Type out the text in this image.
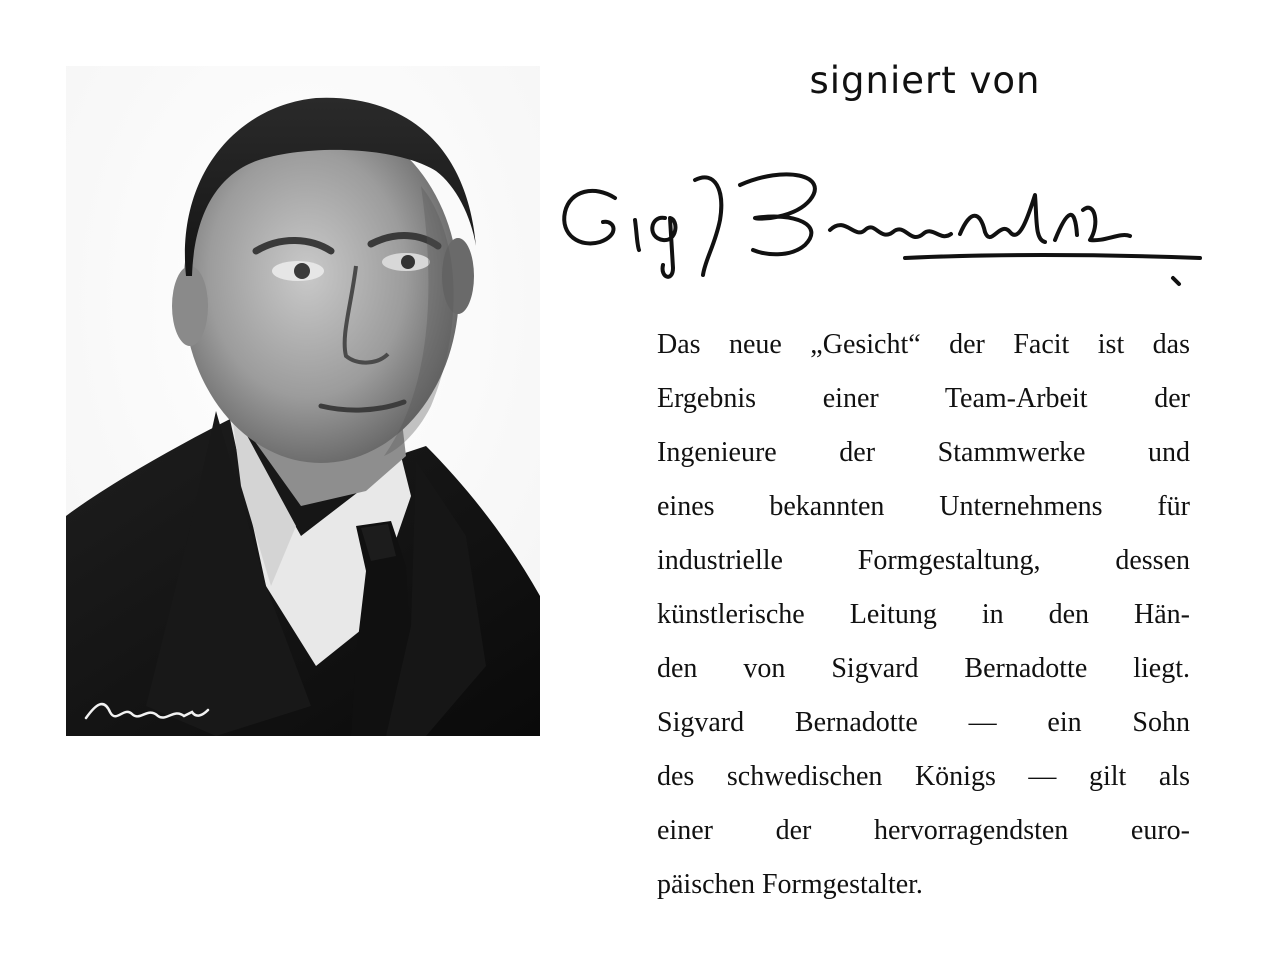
signiert von
Das neue „Gesicht“ der Facit ist das
Ergebnis einer Team-Arbeit der
Ingenieure der Stammwerke und
eines bekannten Unternehmens für
industrielle Formgestaltung, dessen
künstlerische Leitung in den Hän-
den von Sigvard Bernadotte liegt.
Sigvard Bernadotte — ein Sohn
des schwedischen Königs — gilt als
einer der hervorragendsten euro-
päischen Formgestalter.
